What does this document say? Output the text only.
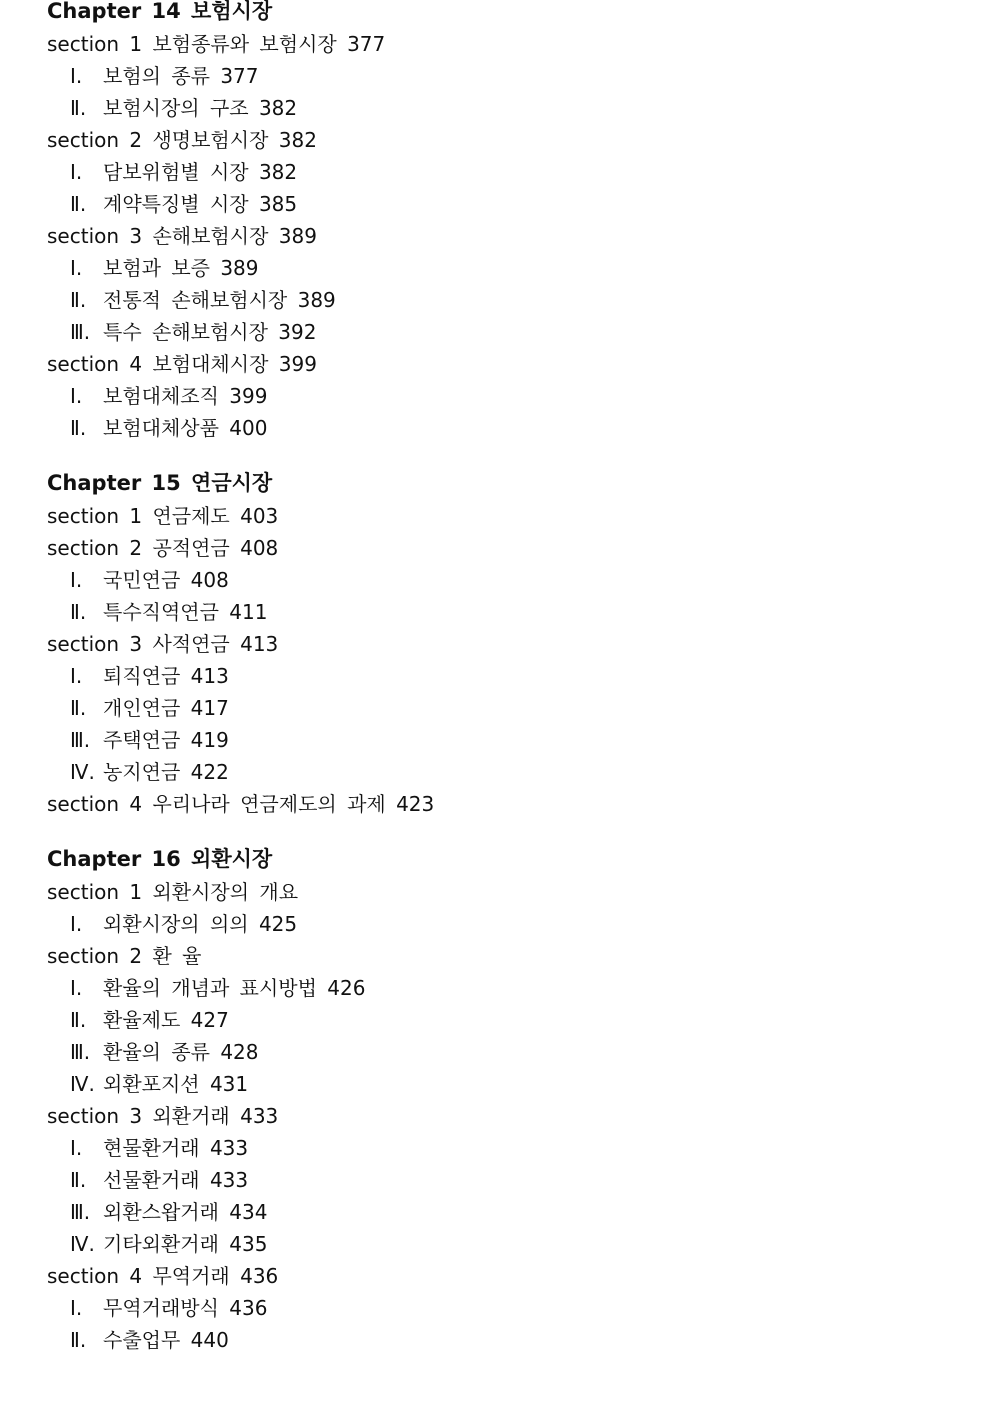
Chapter 14 보험시장
section 1 보험종류와 보험시장 377
Ⅰ. 보험의 종류 377
Ⅱ. 보험시장의 구조 382
section 2 생명보험시장 382
Ⅰ. 담보위험별 시장 382
Ⅱ. 계약특징별 시장 385
section 3 손해보험시장 389
Ⅰ. 보험과 보증 389
Ⅱ. 전통적 손해보험시장 389
Ⅲ. 특수 손해보험시장 392
section 4 보험대체시장 399
Ⅰ. 보험대체조직 399
Ⅱ. 보험대체상품 400
Chapter 15 연금시장
section 1 연금제도 403
section 2 공적연금 408
Ⅰ. 국민연금 408
Ⅱ. 특수직역연금 411
section 3 사적연금 413
Ⅰ. 퇴직연금 413
Ⅱ. 개인연금 417
Ⅲ. 주택연금 419
Ⅳ. 농지연금 422
section 4 우리나라 연금제도의 과제 423
Chapter 16 외환시장
section 1 외환시장의 개요
Ⅰ. 외환시장의 의의 425
section 2 환 율
Ⅰ. 환율의 개념과 표시방법 426
Ⅱ. 환율제도 427
Ⅲ. 환율의 종류 428
Ⅳ. 외환포지션 431
section 3 외환거래 433
Ⅰ. 현물환거래 433
Ⅱ. 선물환거래 433
Ⅲ. 외환스왑거래 434
Ⅳ. 기타외환거래 435
section 4 무역거래 436
Ⅰ. 무역거래방식 436
Ⅱ. 수출업무 440
